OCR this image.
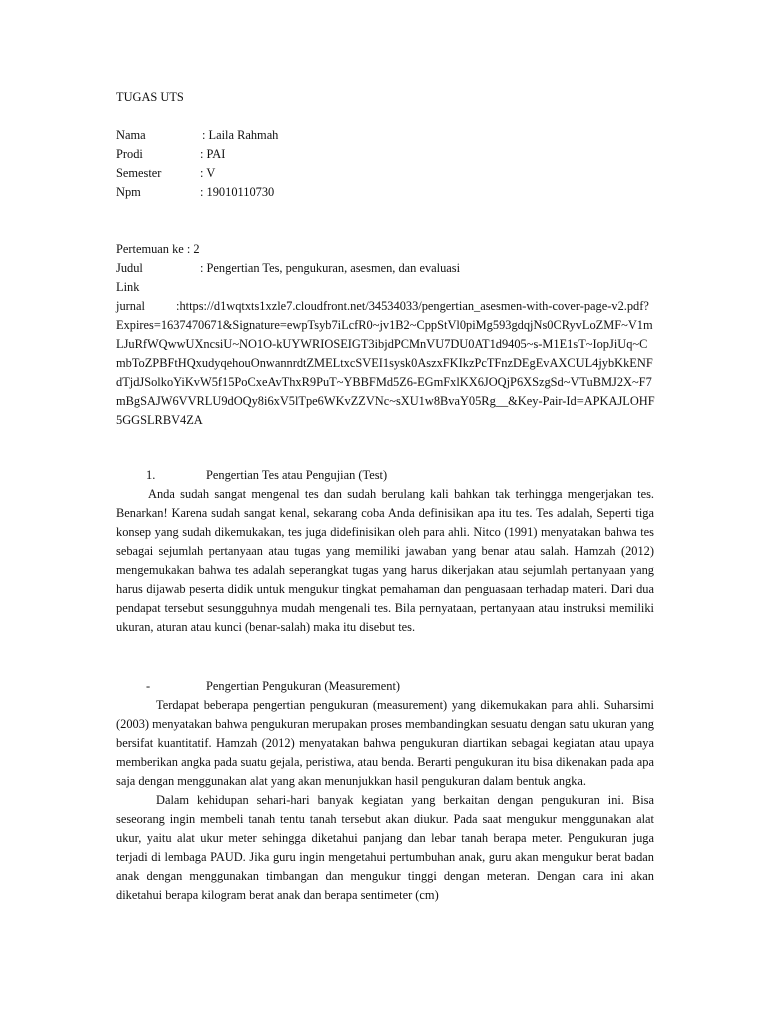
TUGAS UTS
Nama	: Laila Rahmah
Prodi	: PAI
Semester	: V
Npm	: 19010110730
Pertemuan ke : 2
Judul	: Pengertian Tes, pengukuran, asesmen, dan evaluasi
Link
jurnal	:https://d1wqtxts1xzle7.cloudfront.net/34534033/pengertian_asesmen-with-cover-page-v2.pdf?Expires=1637470671&Signature=ewpTsyb7iLcfR0~jv1B2~CppStVl0piMg593gdqjNs0CRyvLoZMF~V1mLJuRfWQwwUXncsiU~NO1O-kUYWRIOSEIGT3ibjdPCMnVU7DU0AT1d9405~s-M1E1sT~IopJiUq~CmbToZPBFtHQxudyqehouOnwannrdtZMELtxcSVEI1sysk0AszxFKIkzPcTFnzDEgEvAXCUL4jybKkENFdTjdJSolkoYiKvW5f15PoCxeAvThxR9PuT~YBBFMd5Z6-EGmFxlKX6JOQjP6XSzgSd~VTuBMJ2X~F7mBgSAJW6VVRLU9dOQy8i6xV5lTpe6WKvZZVNc~sXU1w8BvaY05Rg__&Key-Pair-Id=APKAJLOHF5GGSLRBV4ZA
1.	Pengertian Tes atau Pengujian (Test)

Anda sudah sangat mengenal tes dan sudah berulang kali bahkan tak terhingga mengerjakan tes. Benarkan! Karena sudah sangat kenal, sekarang coba Anda definisikan apa itu tes. Tes adalah, Seperti tiga konsep yang sudah dikemukakan, tes juga didefinisikan oleh para ahli. Nitco (1991) menyatakan bahwa tes sebagai sejumlah pertanyaan atau tugas yang memiliki jawaban yang benar atau salah. Hamzah (2012) mengemukakan bahwa tes adalah seperangkat tugas yang harus dikerjakan atau sejumlah pertanyaan yang harus dijawab peserta didik untuk mengukur tingkat pemahaman dan penguasaan terhadap materi. Dari dua pendapat tersebut sesungguhnya mudah mengenali tes. Bila pernyataan, pertanyaan atau instruksi memiliki ukuran, aturan atau kunci (benar-salah) maka itu disebut tes.

-	Pengertian Pengukuran (Measurement)

Terdapat beberapa pengertian pengukuran (measurement) yang dikemukakan para ahli. Suharsimi (2003) menyatakan bahwa pengukuran merupakan proses membandingkan sesuatu dengan satu ukuran yang bersifat kuantitatif. Hamzah (2012) menyatakan bahwa pengukuran diartikan sebagai kegiatan atau upaya memberikan angka pada suatu gejala, peristiwa, atau benda. Berarti pengukuran itu bisa dikenakan pada apa saja dengan menggunakan alat yang akan menunjukkan hasil pengukuran dalam bentuk angka.

Dalam kehidupan sehari-hari banyak kegiatan yang berkaitan dengan pengukuran ini. Bisa seseorang ingin membeli tanah tentu tanah tersebut akan diukur. Pada saat mengukur menggunakan alat ukur, yaitu alat ukur meter sehingga diketahui panjang dan lebar tanah berapa meter. Pengukuran juga terjadi di lembaga PAUD. Jika guru ingin mengetahui pertumbuhan anak, guru akan mengukur berat badan anak dengan menggunakan timbangan dan mengukur tinggi dengan meteran. Dengan cara ini akan diketahui berapa kilogram berat anak dan berapa sentimeter (cm)
